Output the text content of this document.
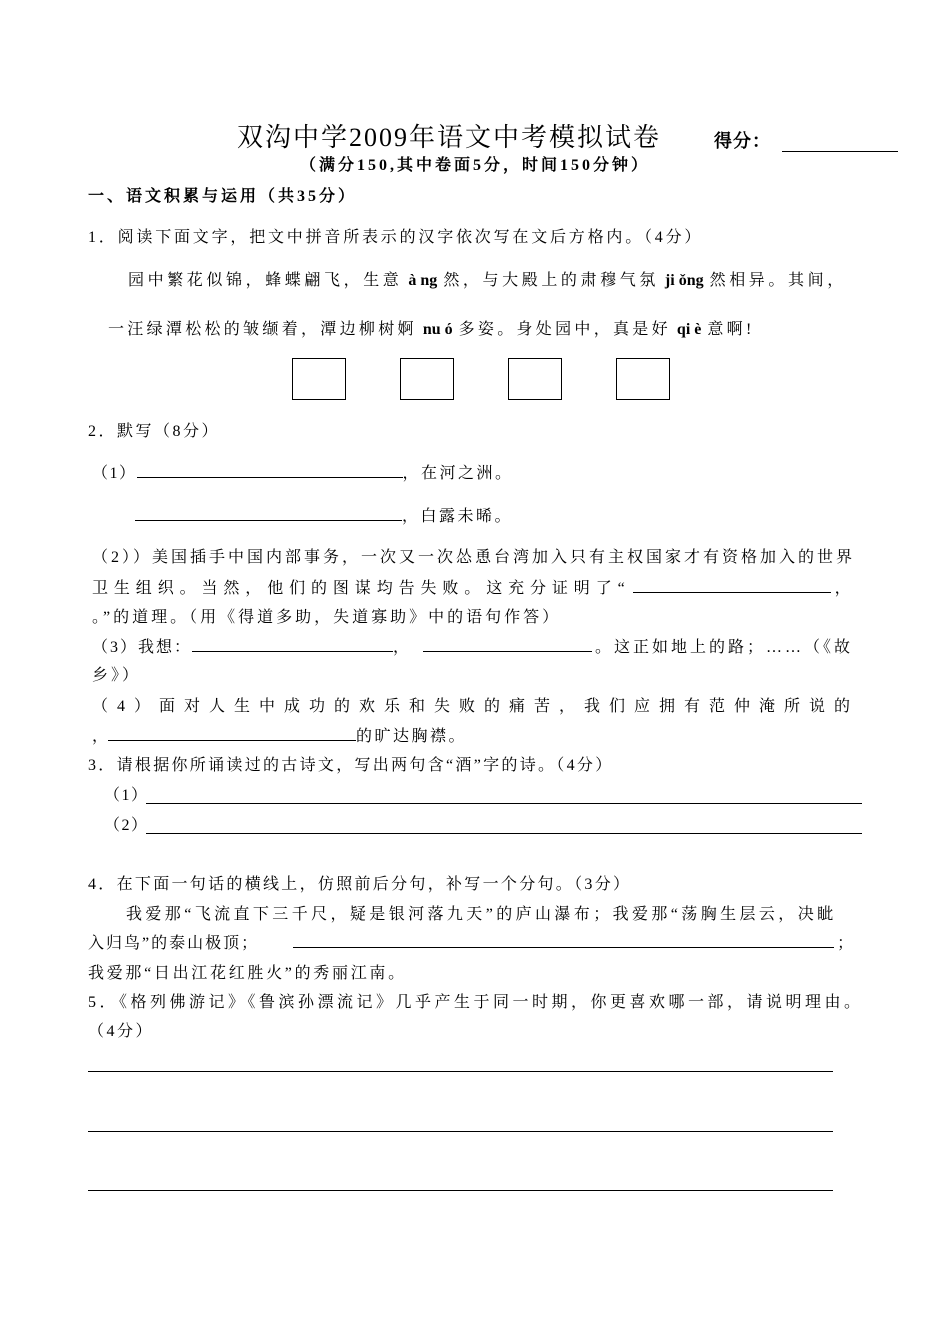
双沟中学2009年语文中考模拟试卷	得分：
（满分150,其中卷面5分，时间150分钟）
一、语文积累与运用（共35分）
1．阅读下面文字，把文中拼音所表示的汉字依次写在文后方格内。（4分）
园中繁花似锦，蜂蝶翩飞，生意 à ng 然，与大殿上的肃穆气氛 ji ǒng 然相异。其间，
一汪绿潭松松的皱缬着，潭边柳树婀 nu ó 多姿。身处园中，真是好 qi è 意啊!
2．默写（8分）
（1）	，在河之洲。
，白露未晞。
（2））美国插手中国内部事务，一次又一次怂恿台湾加入只有主权国家才有资格加入的世界
卫生组织。当然，他们的图谋均告失败。这充分证明了“	，
。”的道理。（用《得道多助，失道寡助》中的语句作答）
（3）我想：	，	。这正如地上的路；……（《故
乡》）
（4）面对人生中成功的欢乐和失败的痛苦，我们应拥有范仲淹所说的
，	的旷达胸襟。
3．请根据你所诵读过的古诗文，写出两句含“酒”字的诗。（4分）
（1）
（2）
4．在下面一句话的横线上，仿照前后分句，补写一个分句。（3分）
我爱那“飞流直下三千尺，疑是银河落九天”的庐山瀑布；我爱那“荡胸生层云，决眦
入归鸟”的泰山极顶；	；
我爱那“日出江花红胜火”的秀丽江南。
5．《格列佛游记》《鲁滨孙漂流记》几乎产生于同一时期，你更喜欢哪一部，请说明理由。
（4分）
